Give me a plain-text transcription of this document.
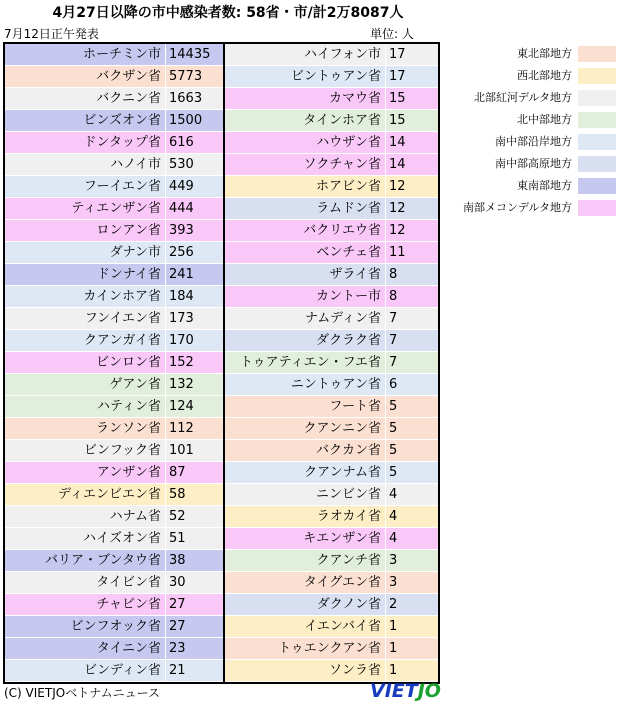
4月27日以降の市中感染者数: 58省・市/計2万8087人
7月12日正午発表	単位: 人
ホーチミン市 14435
バクザン省 5773
バクニン省 1663
ビンズオン省 1500
ドンタップ省 616
ハノイ市 530
フーイエン省 449
ティエンザン省 444
ロンアン省 393
ダナン市 256
ドンナイ省 241
カインホア省 184
フンイエン省 173
クアンガイ省 170
ビンロン省 152
ゲアン省 132
ハティン省 124
ランソン省 112
ビンフック省 101
アンザン省 87
ディエンビエン省 58
ハナム省 52
ハイズオン省 51
バリア・ブンタウ省 38
タイビン省 30
チャビン省 27
ビンフオック省 27
タイニン省 23
ビンディン省 21
ハイフォン市 17
ビントゥアン省 17
カマウ省 15
タインホア省 15
ハウザン省 14
ソクチャン省 14
ホアビン省 12
ラムドン省 12
バクリエウ省 12
ベンチェ省 11
ザライ省 8
カントー市 8
ナムディン省 7
ダクラク省 7
トゥアティエン・フエ省 7
ニントゥアン省 6
フート省 5
クアンニン省 5
バクカン省 5
クアンナム省 5
ニンビン省 4
ラオカイ省 4
キエンザン省 4
クアンチ省 3
タイグエン省 3
ダクノン省 2
イエンバイ省 1
トゥエンクアン省 1
ソンラ省 1
東北部地方
西北部地方
北部紅河デルタ地方
北中部地方
南中部沿岸地方
南中部高原地方
東南部地方
南部メコンデルタ地方
(C) VIETJOベトナムニュース	VIETJO
